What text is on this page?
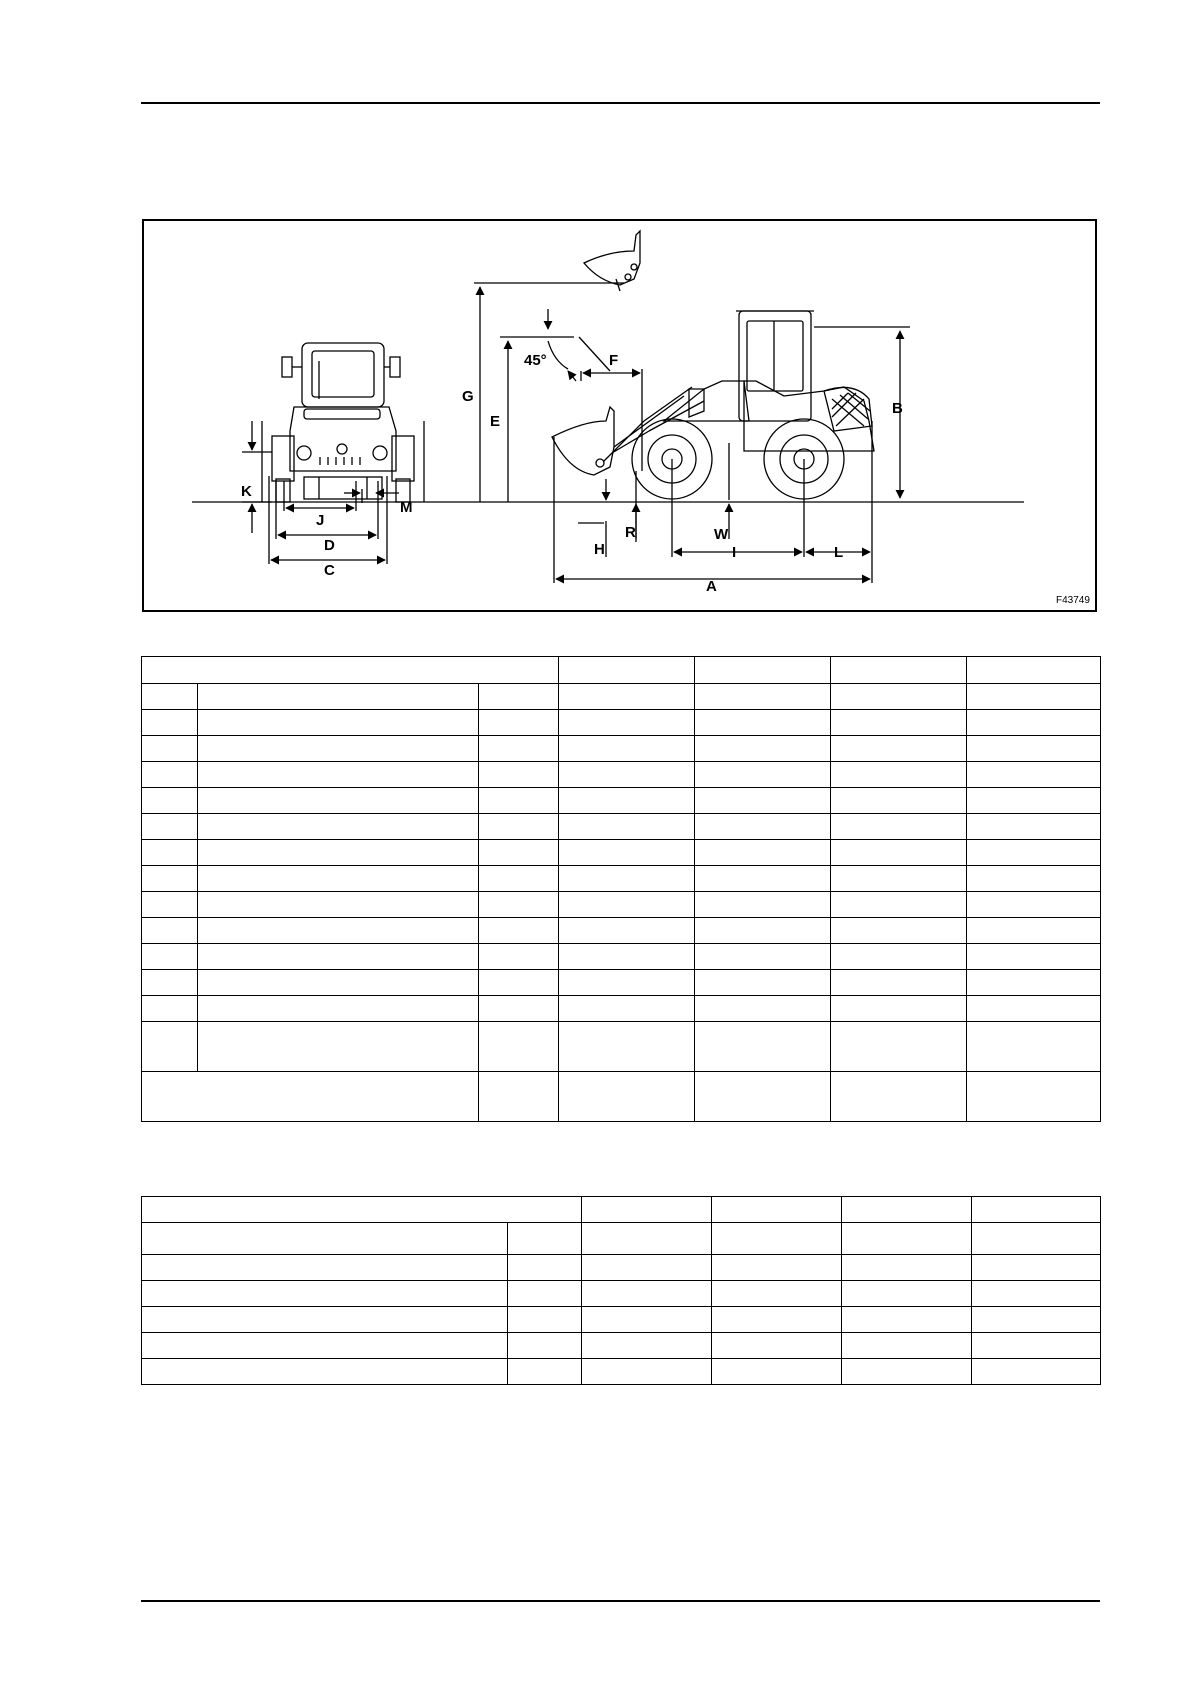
C
D
J
K
M
G
E
45°	F
R
H
W
I	L
A
B
F43749
